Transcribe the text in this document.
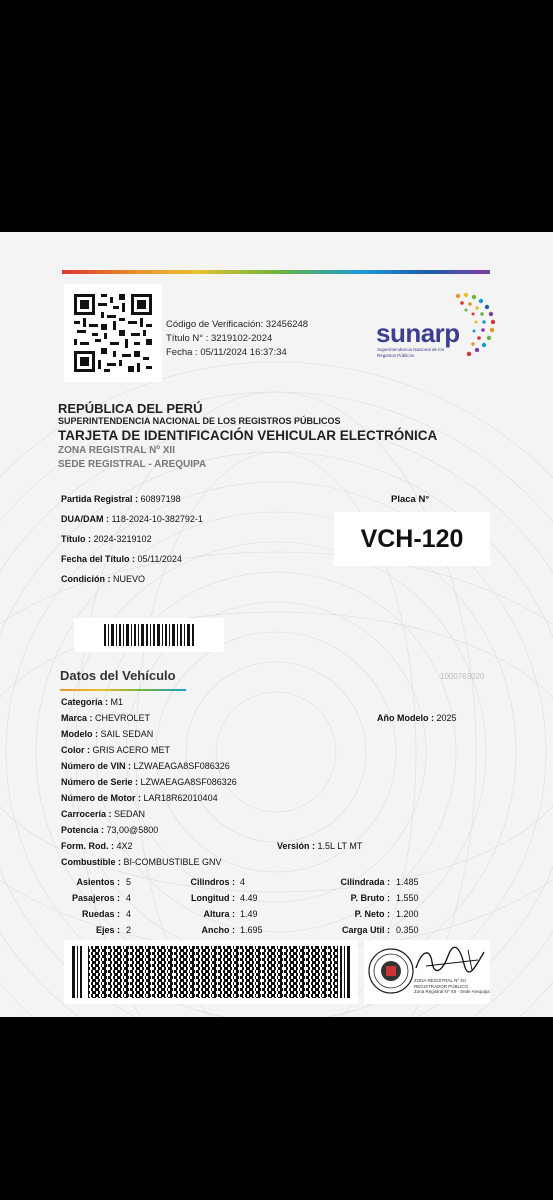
Código de Verificación: 32456248
Título N° : 3219102-2024
Fecha : 05/11/2024 16:37:34
sunarp
Superintendencia Nacional de los Registros Públicos
REPÚBLICA DEL PERÚ
SUPERINTENDENCIA NACIONAL DE LOS REGISTROS PÚBLICOS
TARJETA DE IDENTIFICACIÓN VEHICULAR ELECTRÓNICA
ZONA REGISTRAL Nº XII
SEDE REGISTRAL - AREQUIPA
Partida Registral : 60897198
DUA/DAM : 118-2024-10-382792-1
Título : 2024-3219102
Fecha del Título : 05/11/2024
Condición : NUEVO
Placa N°
VCH-120
Datos del Vehículo	1000763020
Categoría : M1
Marca : CHEVROLET	Año Modelo : 2025
Modelo : SAIL SEDAN
Color : GRIS ACERO MET
Número de VIN : LZWAEAGA8SF086326
Número de Serie : LZWAEAGA8SF086326
Número de Motor : LAR18R62010404
Carrocería : SEDAN
Potencia : 73,00@5800
Form. Rod. : 4X2	Versión : 1.5L LT MT
Combustible : BI-COMBUSTIBLE GNV
Asientos : 5	Cilindros : 4	Cilindrada : 1.485
Pasajeros : 4	Longitud : 4.49	P. Bruto : 1.550
Ruedas : 4	Altura : 1.49	P. Neto : 1.200
Ejes : 2	Ancho : 1.695	Carga Util : 0.350
ZONA REGISTRAL Nº XII
REGISTRADOR PÚBLICO
Zona Registral Nº XII - Sede Arequipa
